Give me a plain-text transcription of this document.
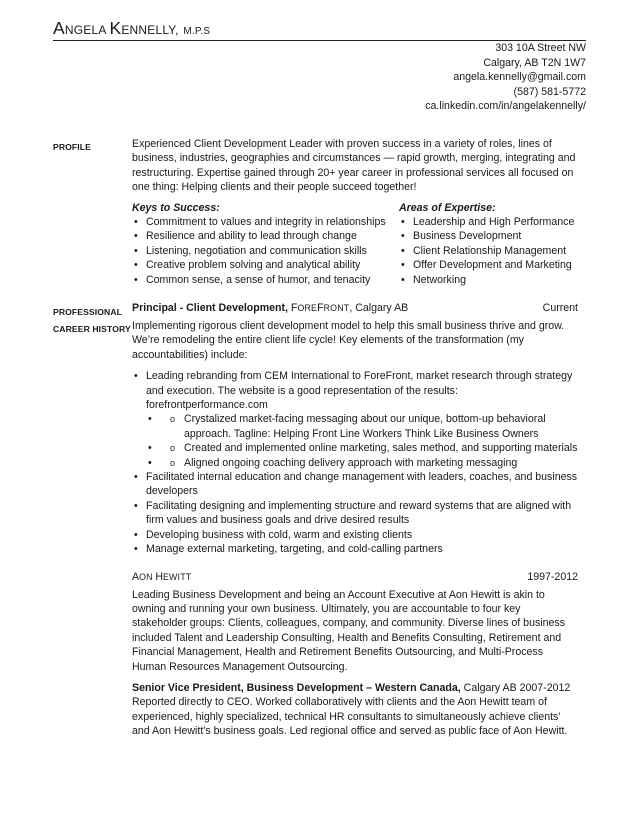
ANGELA KENNELLY, M.P.S
303 10A Street NW
Calgary, AB T2N 1W7
angela.kennelly@gmail.com
(587) 581-5772
ca.linkedin.com/in/angelakennelly/
PROFILE	Experienced Client Development Leader with proven success in a variety of roles, lines of business, industries, geographies and circumstances — rapid growth, merging, integrating and restructuring. Expertise gained through 20+ year career in professional services all focused on one thing: Helping clients and their people succeed together!

Keys to Success:
• Commitment to values and integrity in relationships
• Resilience and ability to lead through change
• Listening, negotiation and communication skills
• Creative problem solving and analytical ability
• Common sense, a sense of humor, and tenacity
Areas of Expertise:
• Leadership and High Performance
• Business Development
• Client Relationship Management
• Offer Development and Marketing
• Networking
PROFESSIONAL
CAREER HISTORY
Principal - Client Development, FOREFRONT, Calgary AB	Current

Implementing rigorous client development model to help this small business thrive and grow. We’re remodeling the entire client life cycle! Key elements of the transformation (my accountabilities) include:

• Leading rebranding from CEM International to ForeFront, market research through strategy and execution. The website is a good representation of the results: forefrontperformance.com
• o Crystalized market-facing messaging about our unique, bottom-up behavioral approach. Tagline: Helping Front Line Workers Think Like Business Owners
• o Created and implemented online marketing, sales method, and supporting materials
• o Aligned ongoing coaching delivery approach with marketing messaging
• Facilitated internal education and change management with leaders, coaches, and business developers
• Facilitating designing and implementing structure and reward systems that are aligned with firm values and business goals and drive desired results
• Developing business with cold, warm and existing clients
• Manage external marketing, targeting, and cold-calling partners
AON HEWITT	1997-2012

Leading Business Development and being an Account Executive at Aon Hewitt is akin to owning and running your own business. Ultimately, you are accountable to four key stakeholder groups: Clients, colleagues, company, and community. Diverse lines of business included Talent and Leadership Consulting, Health and Benefits Consulting, Retirement and Financial Management, Health and Retirement Benefits Outsourcing, and Multi-Process Human Resources Management Outsourcing.

Senior Vice President, Business Development – Western Canada, Calgary AB 2007-2012 Reported directly to CEO. Worked collaboratively with clients and the Aon Hewitt team of experienced, highly specialized, technical HR consultants to simultaneously achieve clients’ and Aon Hewitt’s business goals. Led regional office and served as public face of Aon Hewitt.
